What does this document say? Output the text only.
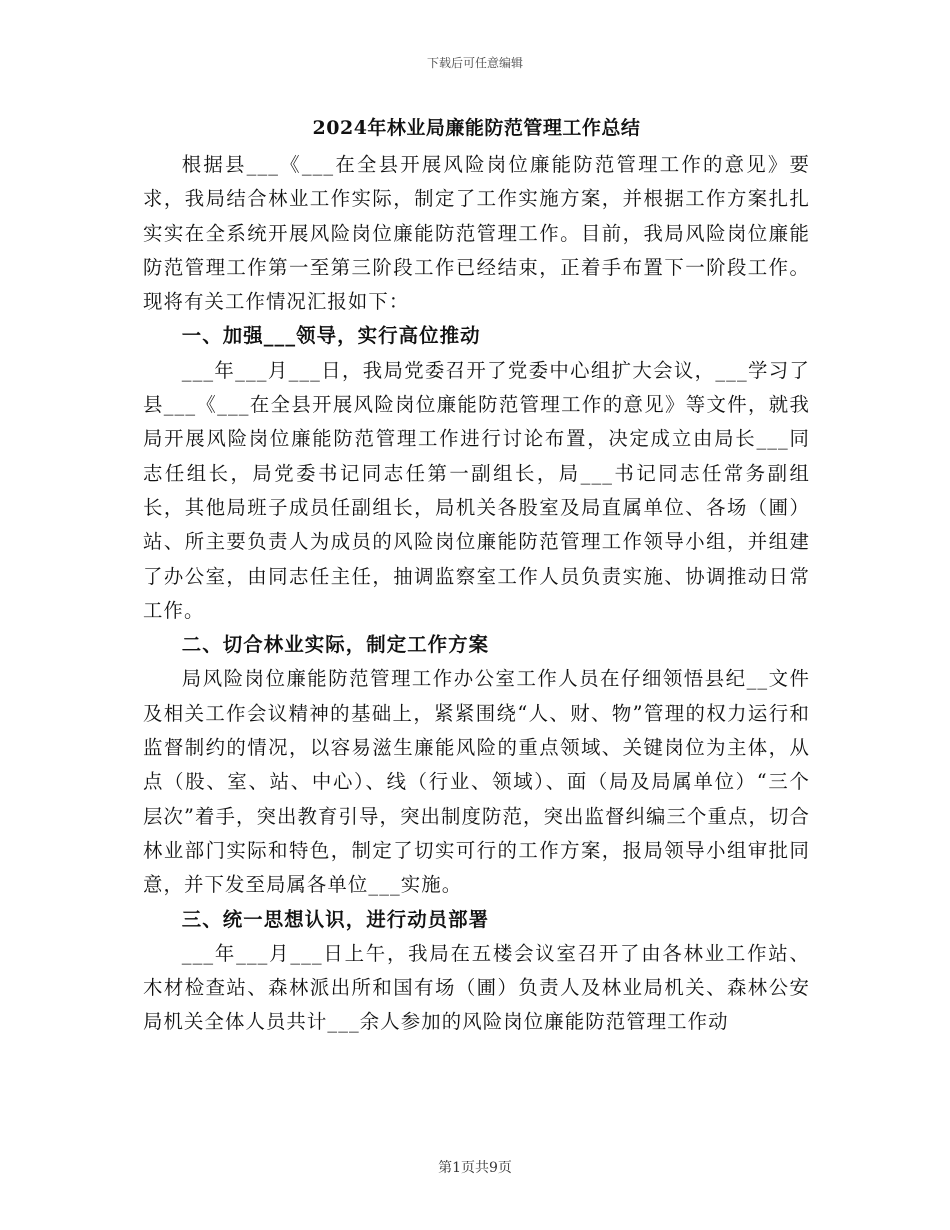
下载后可任意编辑
2024年林业局廉能防范管理工作总结

根据县___《___在全县开展风险岗位廉能防范管理工作的意见》要求，我局结合林业工作实际，制定了工作实施方案，并根据工作方案扎扎实实在全系统开展风险岗位廉能防范管理工作。目前，我局风险岗位廉能防范管理工作第一至第三阶段工作已经结束，正着手布置下一阶段工作。现将有关工作情况汇报如下：

一、加强___领导，实行高位推动

___年___月___日，我局党委召开了党委中心组扩大会议，___学习了县___《___在全县开展风险岗位廉能防范管理工作的意见》等文件，就我局开展风险岗位廉能防范管理工作进行讨论布置，决定成立由局长___同志任组长，局党委书记同志任第一副组长，局___书记同志任常务副组长，其他局班子成员任副组长，局机关各股室及局直属单位、各场（圃）站、所主要负责人为成员的风险岗位廉能防范管理工作领导小组，并组建了办公室，由同志任主任，抽调监察室工作人员负责实施、协调推动日常工作。

二、切合林业实际，制定工作方案

局风险岗位廉能防范管理工作办公室工作人员在仔细领悟县纪__文件及相关工作会议精神的基础上，紧紧围绕“人、财、物”管理的权力运行和监督制约的情况，以容易滋生廉能风险的重点领域、关键岗位为主体，从点（股、室、站、中心）、线（行业、领域）、面（局及局属单位）“三个层次”着手，突出教育引导，突出制度防范，突出监督纠编三个重点，切合林业部门实际和特色，制定了切实可行的工作方案，报局领导小组审批同意，并下发至局属各单位___实施。

三、统一思想认识，进行动员部署

___年___月___日上午，我局在五楼会议室召开了由各林业工作站、木材检查站、森林派出所和国有场（圃）负责人及林业局机关、森林公安局机关全体人员共计___余人参加的风险岗位廉能防范管理工作动

第1页共9页
